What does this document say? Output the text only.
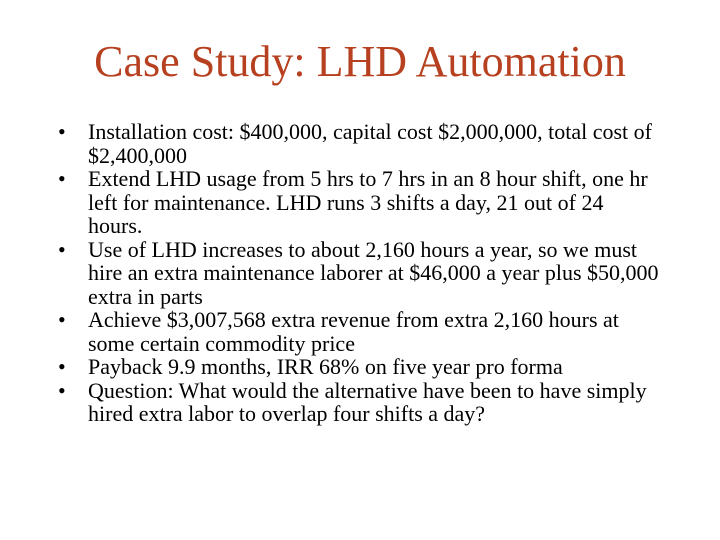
Case Study: LHD Automation
• Installation cost: $400,000, capital cost $2,000,000, total cost of $2,400,000
• Extend LHD usage from 5 hrs to 7 hrs in an 8 hour shift, one hr left for maintenance. LHD runs 3 shifts a day, 21 out of 24 hours.
• Use of LHD increases to about 2,160 hours a year, so we must hire an extra maintenance laborer at $46,000 a year plus $50,000 extra in parts
• Achieve $3,007,568 extra revenue from extra 2,160 hours at some certain commodity price
• Payback 9.9 months, IRR 68% on five year pro forma
• Question: What would the alternative have been to have simply hired extra labor to overlap four shifts a day?
